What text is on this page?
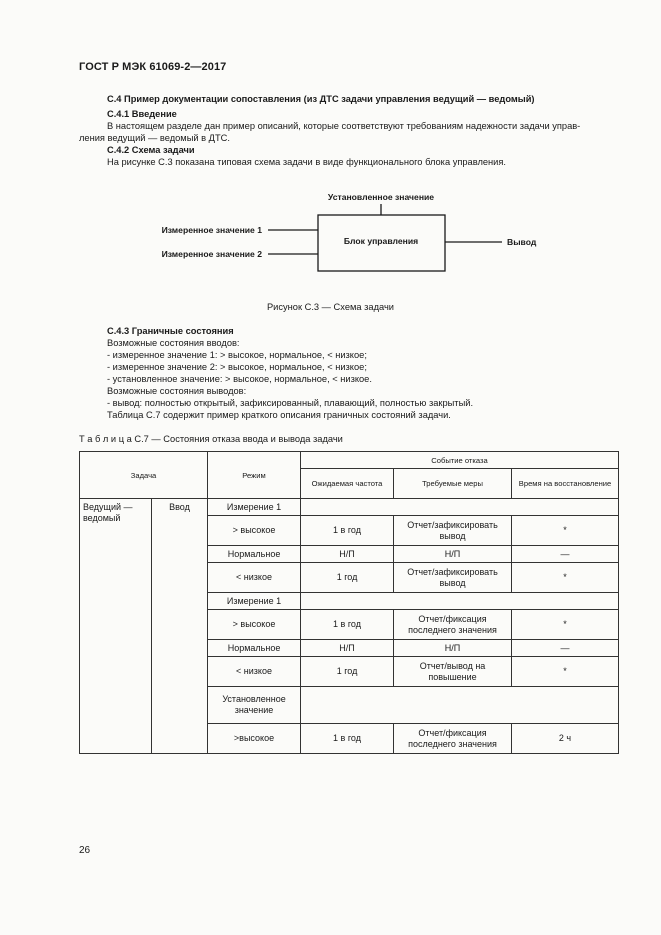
ГОСТ Р МЭК 61069-2—2017
С.4 Пример документации сопоставления (из ДТС задачи управления ведущий — ведомый)
С.4.1 Введение
В настоящем разделе дан пример описаний, которые соответствуют требованиям надежности задачи управ-
ления ведущий — ведомый в ДТС.
С.4.2 Схема задачи
На рисунке С.3 показана типовая схема задачи в виде функционального блока управления.
Установленное значение
Блок управления
Измеренное значение 1
Измеренное значение 2
Вывод
Рисунок С.3 — Схема задачи
С.4.3 Граничные состояния
Возможные состояния вводов:
- измеренное значение 1: > высокое, нормальное, < низкое;
- измеренное значение 2: > высокое, нормальное, < низкое;
- установленное значение: > высокое, нормальное, < низкое.
Возможные состояния выводов:
- вывод: полностью открытый, зафиксированный, плавающий, полностью закрытый.
Таблица С.7 содержит пример краткого описания граничных состояний задачи.
Т а б л и ц а С.7 — Состояния отказа ввода и вывода задачи
Задача		Режим	Событие отказа		
			Ожидаемая частота	Требуемые меры	Время на восстановление
Ведущий — ведомый	Ввод	Измерение 1			
		> высокое	1 в год	Отчет/зафиксировать вывод	*
		Нормальное	Н/П	Н/П	—
		< низкое	1 год	Отчет/зафиксировать вывод	*
		Измерение 1			
		> высокое	1 в год	Отчет/фиксация последнего значения	*
		Нормальное	Н/П	Н/П	—
		< низкое	1 год	Отчет/вывод на повышение	*
		Установленное значение			
		>высокое	1 в год	Отчет/фиксация последнего значения	2 ч
26
